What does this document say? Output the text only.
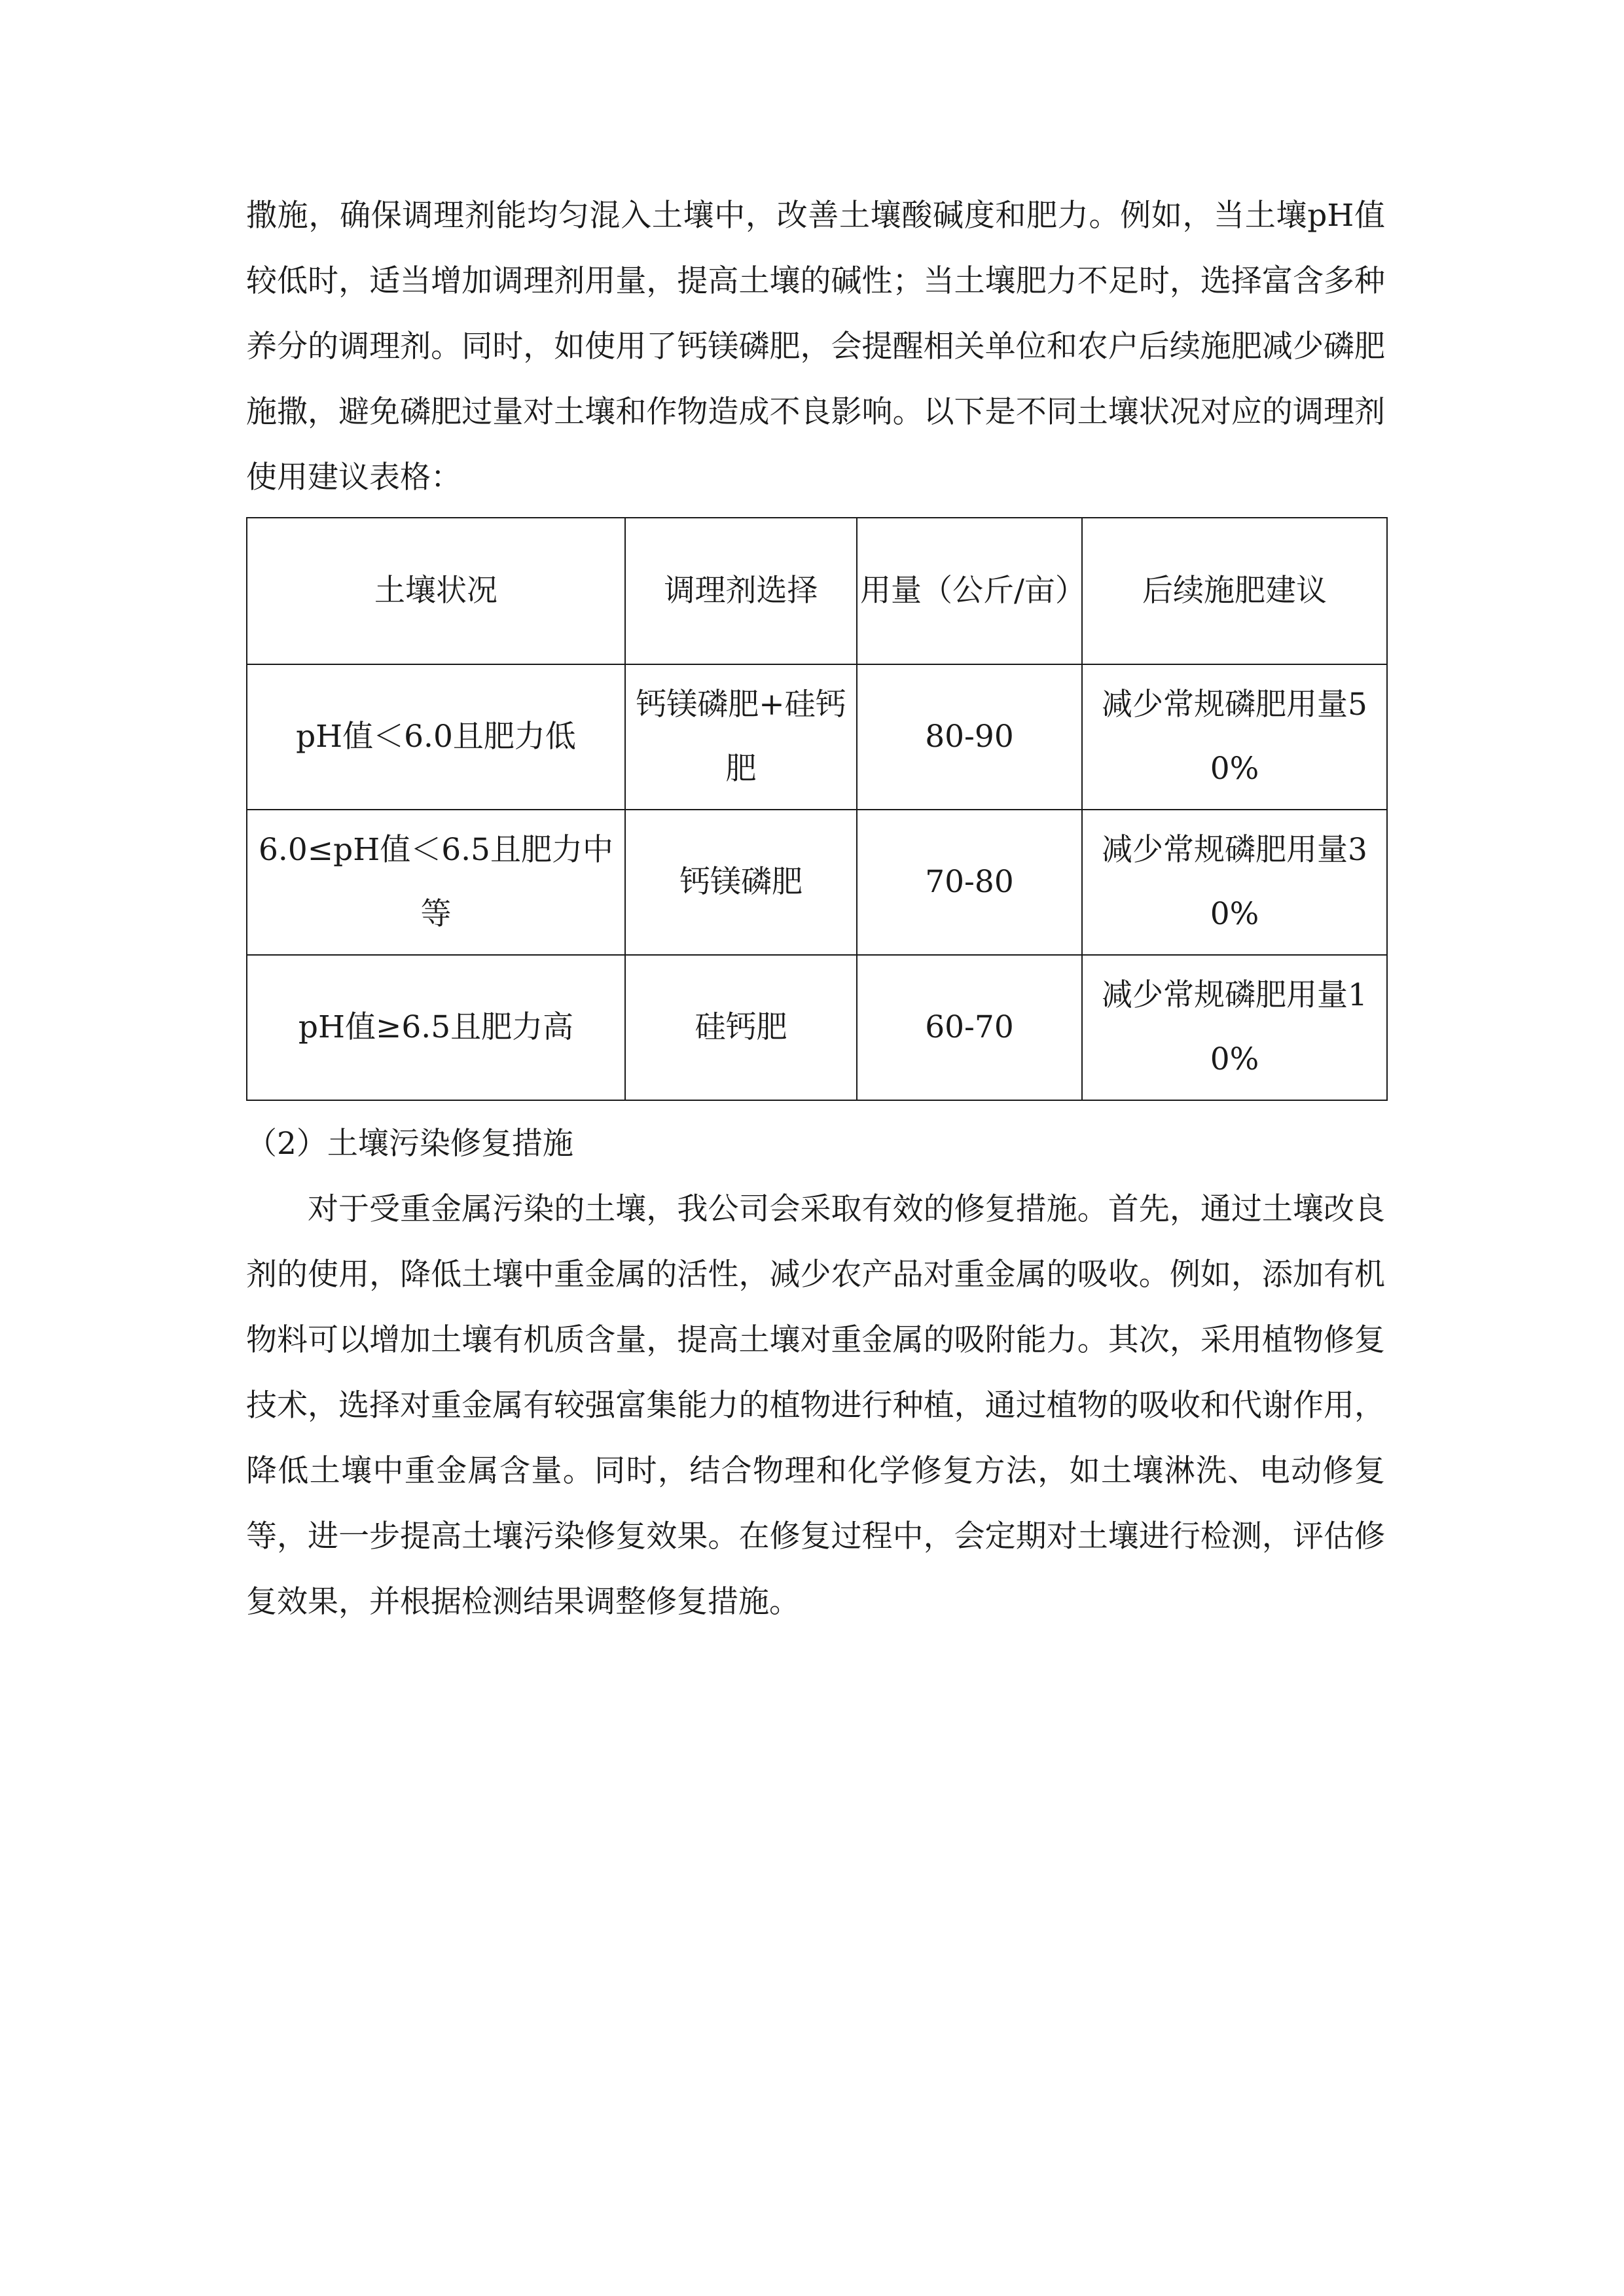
撒施，确保调理剂能均匀混入土壤中，改善土壤酸碱度和肥力。例如，当土壤pH值较低时，适当增加调理剂用量，提高土壤的碱性；当土壤肥力不足时，选择富含多种养分的调理剂。同时，如使用了钙镁磷肥，会提醒相关单位和农户后续施肥减少磷肥施撒，避免磷肥过量对土壤和作物造成不良影响。以下是不同土壤状况对应的调理剂使用建议表格：

土壤状况	调理剂选择	用量（公斤/亩）	后续施肥建议
pH值＜6.0且肥力低	钙镁磷肥+硅钙肥	80-90	减少常规磷肥用量50%
6.0≤pH值＜6.5且肥力中等	钙镁磷肥	70-80	减少常规磷肥用量30%
pH值≥6.5且肥力高	硅钙肥	60-70	减少常规磷肥用量10%

（2）土壤污染修复措施

对于受重金属污染的土壤，我公司会采取有效的修复措施。首先，通过土壤改良剂的使用，降低土壤中重金属的活性，减少农产品对重金属的吸收。例如，添加有机物料可以增加土壤有机质含量，提高土壤对重金属的吸附能力。其次，采用植物修复技术，选择对重金属有较强富集能力的植物进行种植，通过植物的吸收和代谢作用，降低土壤中重金属含量。同时，结合物理和化学修复方法，如土壤淋洗、电动修复等，进一步提高土壤污染修复效果。在修复过程中，会定期对土壤进行检测，评估修复效果，并根据检测结果调整修复措施。
